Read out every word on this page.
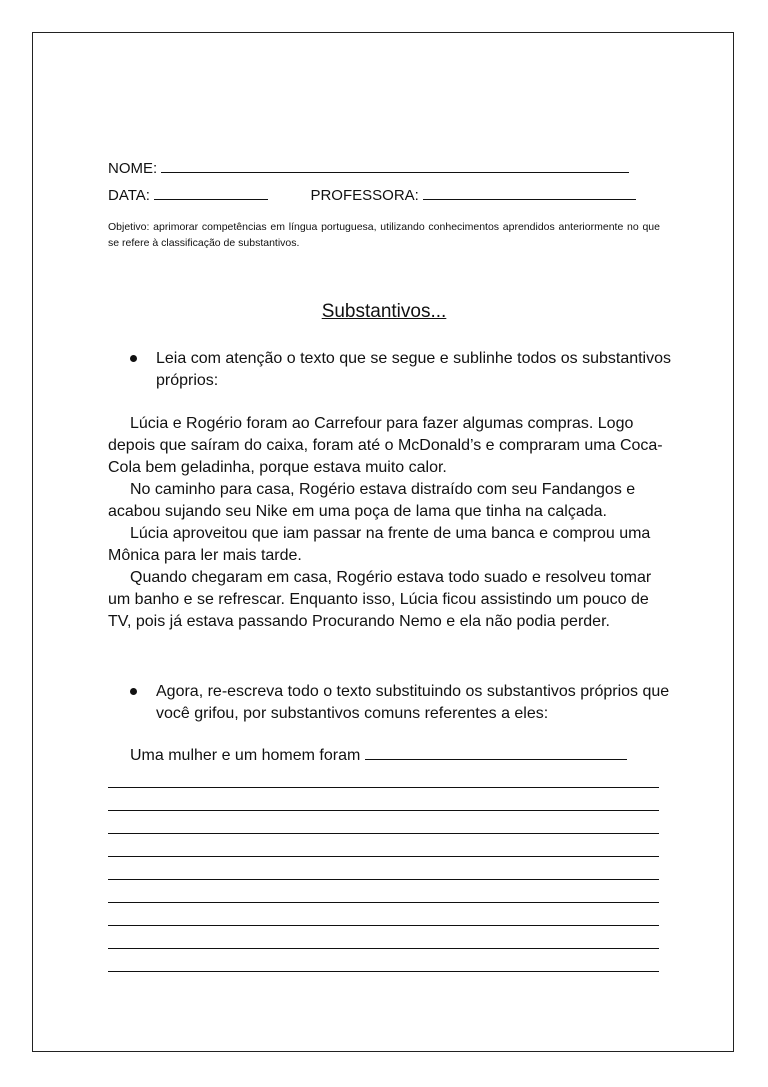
NOME:
DATA:	PROFESSORA:
Objetivo: aprimorar competências em língua portuguesa, utilizando conhecimentos aprendidos anteriormente no que se refere à classificação de substantivos.
Substantivos...
Leia com atenção o texto que se segue e sublinhe todos os substantivos próprios:

Lúcia e Rogério foram ao Carrefour para fazer algumas compras. Logo depois que saíram do caixa, foram até o McDonald’s e compraram uma Coca-Cola bem geladinha, porque estava muito calor.

No caminho para casa, Rogério estava distraído com seu Fandangos e acabou sujando seu Nike em uma poça de lama que tinha na calçada.

Lúcia aproveitou que iam passar na frente de uma banca e comprou uma Mônica para ler mais tarde.

Quando chegaram em casa, Rogério estava todo suado e resolveu tomar um banho e se refrescar. Enquanto isso, Lúcia ficou assistindo um pouco de TV, pois já estava passando Procurando Nemo e ela não podia perder.

Agora, re-escreva todo o texto substituindo os substantivos próprios que você grifou, por substantivos comuns referentes a eles:
Uma mulher e um homem foram
